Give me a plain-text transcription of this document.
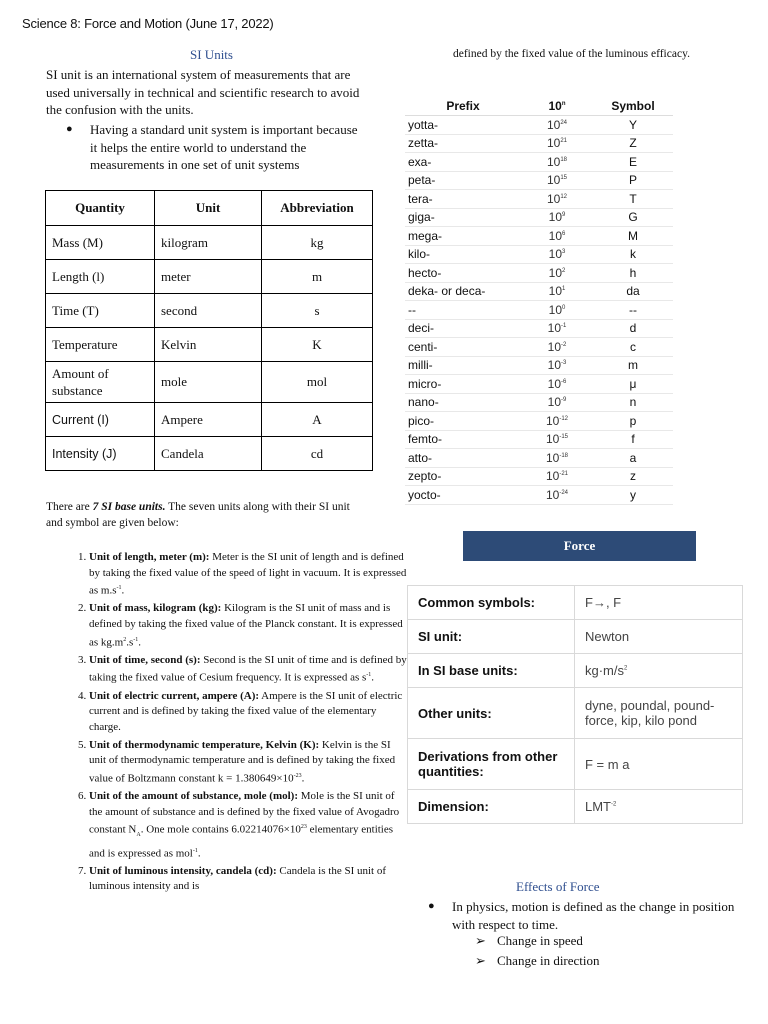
Science 8: Force and Motion (June 17, 2022)
SI Units
SI unit is an international system of measurements that are used universally in technical and scientific research to avoid the confusion with the units.
●	Having a standard unit system is important because it helps the entire world to understand the measurements in one set of unit systems
Quantity	Unit	Abbreviation
Mass (M)	kilogram	kg
Length (l)	meter	m
Time (T)	second	s
Temperature	Kelvin	K
Amount of substance	mole	mol
Current (I)	Ampere	A
Intensity (J)	Candela	cd
There are 7 SI base units. The seven units along with their SI unit and symbol are given below:
1. Unit of length, meter (m): Meter is the SI unit of length and is defined by taking the fixed value of the speed of light in vacuum. It is expressed as $m.s^{-1}$.
2. Unit of mass, kilogram (kg): Kilogram is the SI unit of mass and is defined by taking the fixed value of the Planck constant. It is expressed as $kg.m^2.s^{-1}$.
3. Unit of time, second (s): Second is the SI unit of time and is defined by taking the fixed value of Cesium frequency. It is expressed as $s^{-1}$.
4. Unit of electric current, ampere (A): Ampere is the SI unit of electric current and is defined by taking the fixed value of the elementary charge.
5. Unit of thermodynamic temperature, Kelvin (K): Kelvin is the SI unit of thermodynamic temperature and is defined by taking the fixed value of Boltzmann constant $k = 1.380649\times 10^{-23}$.
6. Unit of the amount of substance, mole (mol): Mole is the SI unit of the amount of substance and is defined by the fixed value of Avogadro constant $N_A$. One mole contains $6.02214076\times 10^{23}$ elementary entities and is expressed as mol$^{-1}$.
7. Unit of luminous intensity, candela (cd): Candela is the SI unit of luminous intensity and is
defined by the fixed value of the luminous efficacy.
Prefix	10$^n$	Symbol
yotta-	$10^{24}$	Y
zetta-	$10^{21}$	Z
exa-	$10^{18}$	E
peta-	$10^{15}$	P
tera-	$10^{12}$	T
giga-	$10^9$	G
mega-	$10^6$	M
kilo-	$10^3$	k
hecto-	$10^2$	h
deka- or deca-	$10^1$	da
--	$10^0$	--
deci-	$10^{-1}$	d
centi-	$10^{-2}$	c
milli-	$10^{-3}$	m
micro-	$10^{-6}$	μ
nano-	$10^{-9}$	n
pico-	$10^{-12}$	p
femto-	$10^{-15}$	f
atto-	$10^{-18}$	a
zepto-	$10^{-21}$	z
yocto-	$10^{-24}$	y
Force
Common symbols:	F→, F
SI unit:	Newton
In SI base units:	$kg\cdot m/s^2$
Other units:	dyne, poundal, pound-force, kip, kilo pond
Derivations from other quantities:	F = m a
Dimension:	$LMT^{-2}$
Effects of Force
●	In physics, motion is defined as the change in position with respect to time.
➢ Change in speed
➢ Change in direction
